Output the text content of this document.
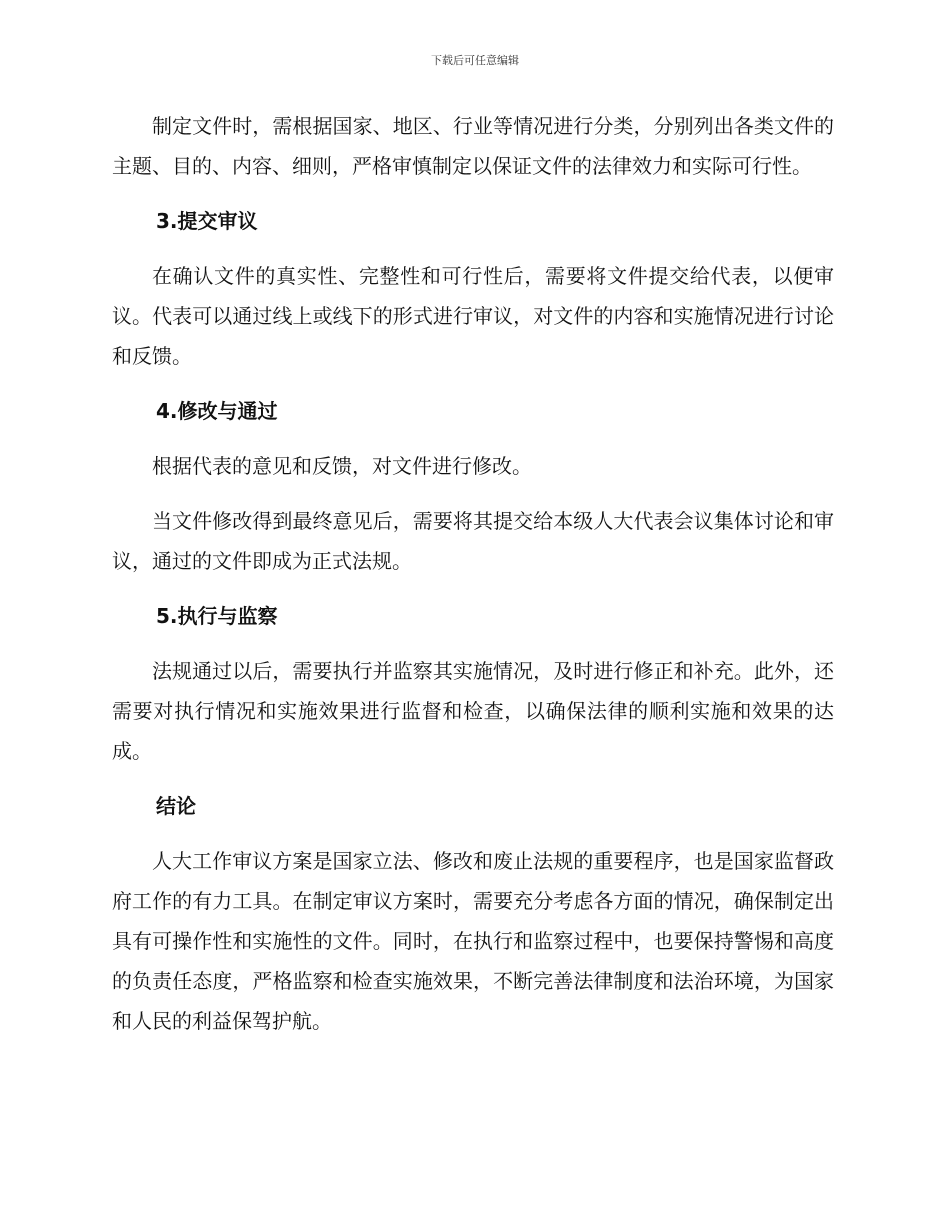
下载后可任意编辑

制定文件时，需根据国家、地区、行业等情况进行分类，分别列出各类文件的主题、目的、内容、细则，严格审慎制定以保证文件的法律效力和实际可行性。

3.提交审议

在确认文件的真实性、完整性和可行性后，需要将文件提交给代表，以便审议。代表可以通过线上或线下的形式进行审议，对文件的内容和实施情况进行讨论和反馈。

4.修改与通过

根据代表的意见和反馈，对文件进行修改。

当文件修改得到最终意见后，需要将其提交给本级人大代表会议集体讨论和审议，通过的文件即成为正式法规。

5.执行与监察

法规通过以后，需要执行并监察其实施情况，及时进行修正和补充。此外，还需要对执行情况和实施效果进行监督和检查，以确保法律的顺利实施和效果的达成。

结论

人大工作审议方案是国家立法、修改和废止法规的重要程序，也是国家监督政府工作的有力工具。在制定审议方案时，需要充分考虑各方面的情况，确保制定出具有可操作性和实施性的文件。同时，在执行和监察过程中，也要保持警惕和高度的负责任态度，严格监察和检查实施效果，不断完善法律制度和法治环境，为国家和人民的利益保驾护航。
